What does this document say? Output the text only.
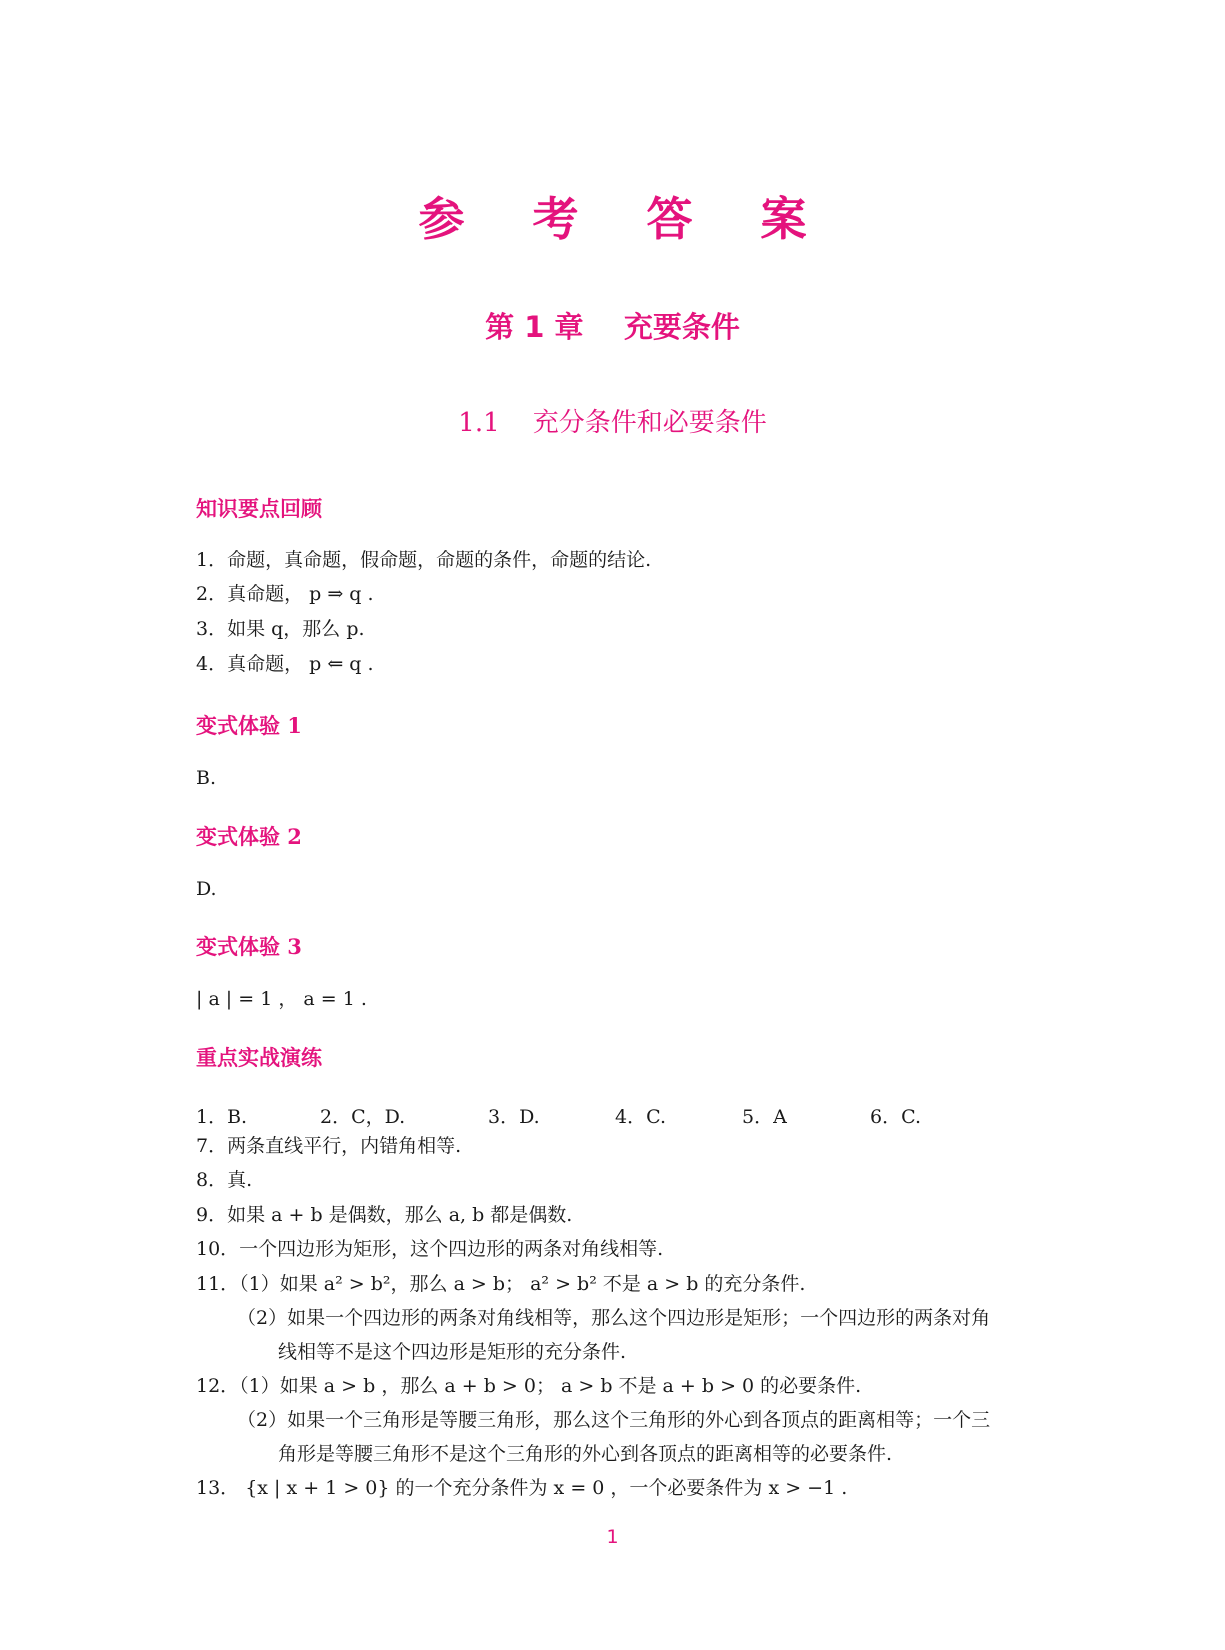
参 考 答 案
第 1 章    充要条件
1.1    充分条件和必要条件
知识要点回顾
1．命题，真命题，假命题，命题的条件，命题的结论.
2．真命题， p ⇒ q .
3．如果 q，那么 p.
4．真命题， p ⇐ q .
变式体验 1
B.
变式体验 2
D.
变式体验 3
| a | = 1 ， a = 1 .
重点实战演练
1．B.	2．C，D.	3．D.	4．C.	5．A	6．C.
7．两条直线平行，内错角相等.
8．真.
9．如果 a + b 是偶数，那么 a, b 都是偶数.
10．一个四边形为矩形，这个四边形的两条对角线相等.
11．（1）如果 a² > b²，那么 a > b； a² > b² 不是 a > b 的充分条件.
（2）如果一个四边形的两条对角线相等，那么这个四边形是矩形；一个四边形的两条对角
线相等不是这个四边形是矩形的充分条件.
12．（1）如果 a > b ，那么 a + b > 0； a > b 不是 a + b > 0 的必要条件.
（2）如果一个三角形是等腰三角形，那么这个三角形的外心到各顶点的距离相等；一个三
角形是等腰三角形不是这个三角形的外心到各顶点的距离相等的必要条件.
13． {x | x + 1 > 0} 的一个充分条件为 x = 0 ，一个必要条件为 x > −1 .
1
